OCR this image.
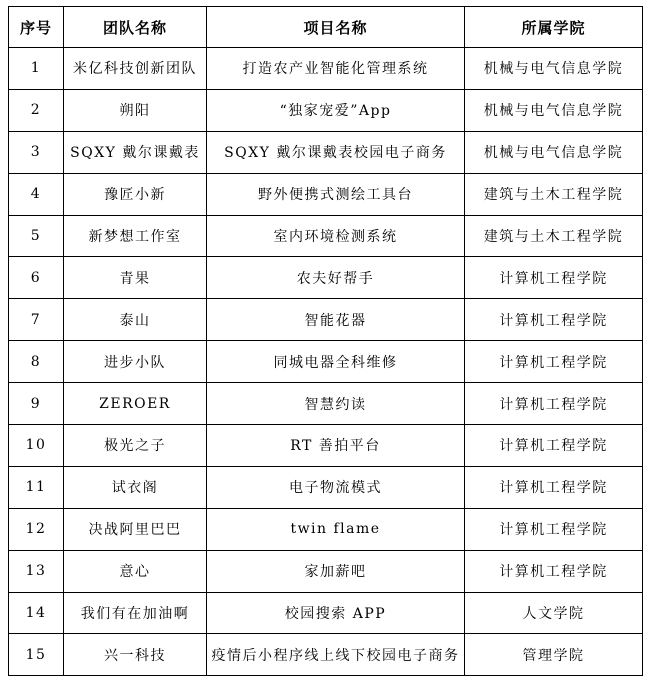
序号	团队名称	项目名称	所属学院
1	米亿科技创新团队	打造农产业智能化管理系统	机械与电气信息学院
2	朔阳	“独家宠爱”App	机械与电气信息学院
3	SQXY 戴尔课戴表	SQXY 戴尔课戴表校园电子商务	机械与电气信息学院
4	豫匠小新	野外便携式测绘工具台	建筑与土木工程学院
5	新梦想工作室	室内环境检测系统	建筑与土木工程学院
6	青果	农夫好帮手	计算机工程学院
7	泰山	智能花器	计算机工程学院
8	进步小队	同城电器全科维修	计算机工程学院
9	ZEROER	智慧约读	计算机工程学院
10	极光之子	RT 善拍平台	计算机工程学院
11	试衣阁	电子物流模式	计算机工程学院
12	决战阿里巴巴	twin flame	计算机工程学院
13	意心	家加薪吧	计算机工程学院
14	我们有在加油啊	校园搜索 APP	人文学院
15	兴一科技	疫情后小程序线上线下校园电子商务	管理学院
